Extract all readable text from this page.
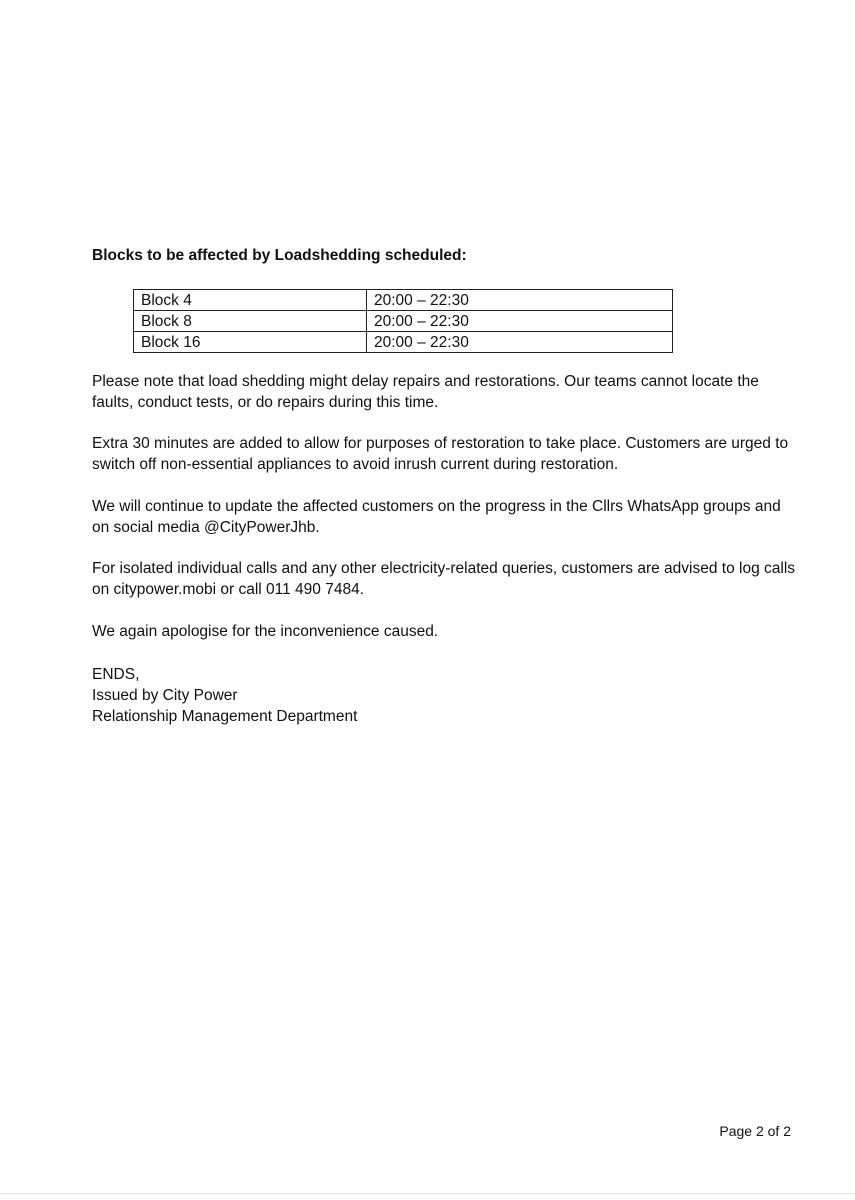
Blocks to be affected by Loadshedding scheduled:

Block 4	20:00 – 22:30
Block 8	20:00 – 22:30
Block 16	20:00 – 22:30

Please note that load shedding might delay repairs and restorations. Our teams cannot locate the faults, conduct tests, or do repairs during this time.

Extra 30 minutes are added to allow for purposes of restoration to take place. Customers are urged to switch off non-essential appliances to avoid inrush current during restoration.

We will continue to update the affected customers on the progress in the Cllrs WhatsApp groups and on social media @CityPowerJhb.

For isolated individual calls and any other electricity-related queries, customers are advised to log calls on citypower.mobi or call 011 490 7484.

We again apologise for the inconvenience caused.

ENDS,

Issued by City Power

Relationship Management Department

Page 2 of 2
